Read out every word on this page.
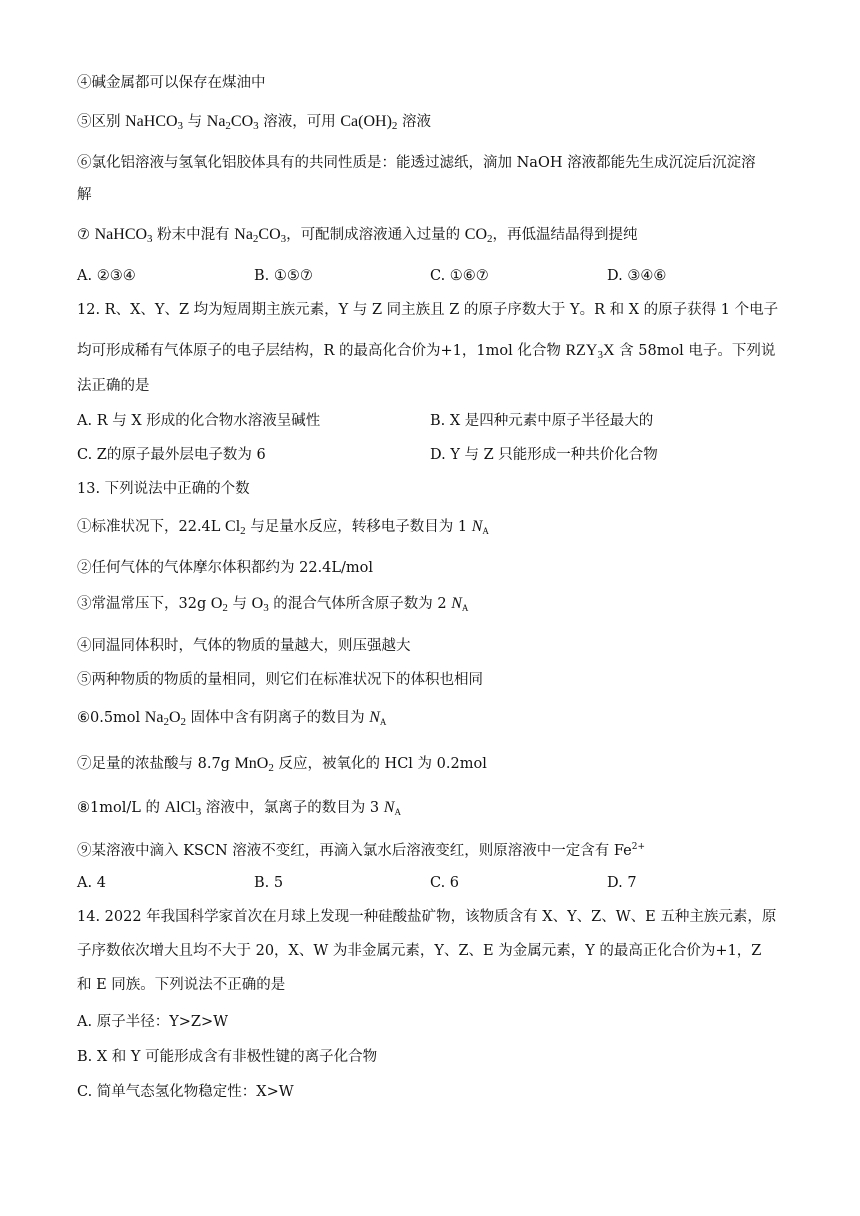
④碱金属都可以保存在煤油中
⑤区别 NaHCO$_3$ 与 $Na_2CO_3$ 溶液，可用 $Ca(OH)_2$ 溶液
⑥氯化铝溶液与氢氧化铝胶体具有的共同性质是：能透过滤纸，滴加 NaOH 溶液都能先生成沉淀后沉淀溶
解
⑦ NaHCO$_3$ 粉末中混有 $Na_2CO_3$，可配制成溶液通入过量的 $CO_2$，再低温结晶得到提纯
A. ②③④	B. ①⑤⑦	C. ①⑥⑦	D. ③④⑥
12. R、X、Y、Z 均为短周期主族元素，Y 与 Z 同主族且 Z 的原子序数大于 Y。R 和 X 的原子获得 1 个电子
均可形成稀有气体原子的电子层结构，R 的最高化合价为+1，1mol 化合物 $RZY_3X$ 含 58mol 电子。下列说
法正确的是
A. R 与 X 形成的化合物水溶液呈碱性	B. X 是四种元素中原子半径最大的
C. Z的原子最外层电子数为 6	D. Y 与 Z 只能形成一种共价化合物
13. 下列说法中正确的个数
①标准状况下，22.4L $Cl_2$ 与足量水反应，转移电子数目为 1 $N_A$
②任何气体的气体摩尔体积都约为 22.4L/mol
③常温常压下，32g $O_2$ 与 $O_3$ 的混合气体所含原子数为 2 $N_A$
④同温同体积时，气体的物质的量越大，则压强越大
⑤两种物质的物质的量相同，则它们在标准状况下的体积也相同
⑥0.5mol $Na_2O_2$ 固体中含有阴离子的数目为 $N_A$
⑦足量的浓盐酸与 8.7g MnO$_2$ 反应，被氧化的 HCl 为 0.2mol
⑧1mol/L 的 AlCl$_3$ 溶液中，氯离子的数目为 3 $N_A$
⑨某溶液中滴入 KSCN 溶液不变红，再滴入氯水后溶液变红，则原溶液中一定含有 $Fe^{2+}$
A. 4	B. 5	C. 6	D. 7
14. 2022 年我国科学家首次在月球上发现一种硅酸盐矿物，该物质含有 X、Y、Z、W、E 五种主族元素，原
子序数依次增大且均不大于 20，X、W 为非金属元素，Y、Z、E 为金属元素，Y 的最高正化合价为+1，Z
和 E 同族。下列说法不正确的是
A. 原子半径：Y>Z>W
B. X 和 Y 可能形成含有非极性键的离子化合物
C. 简单气态氢化物稳定性：X>W
